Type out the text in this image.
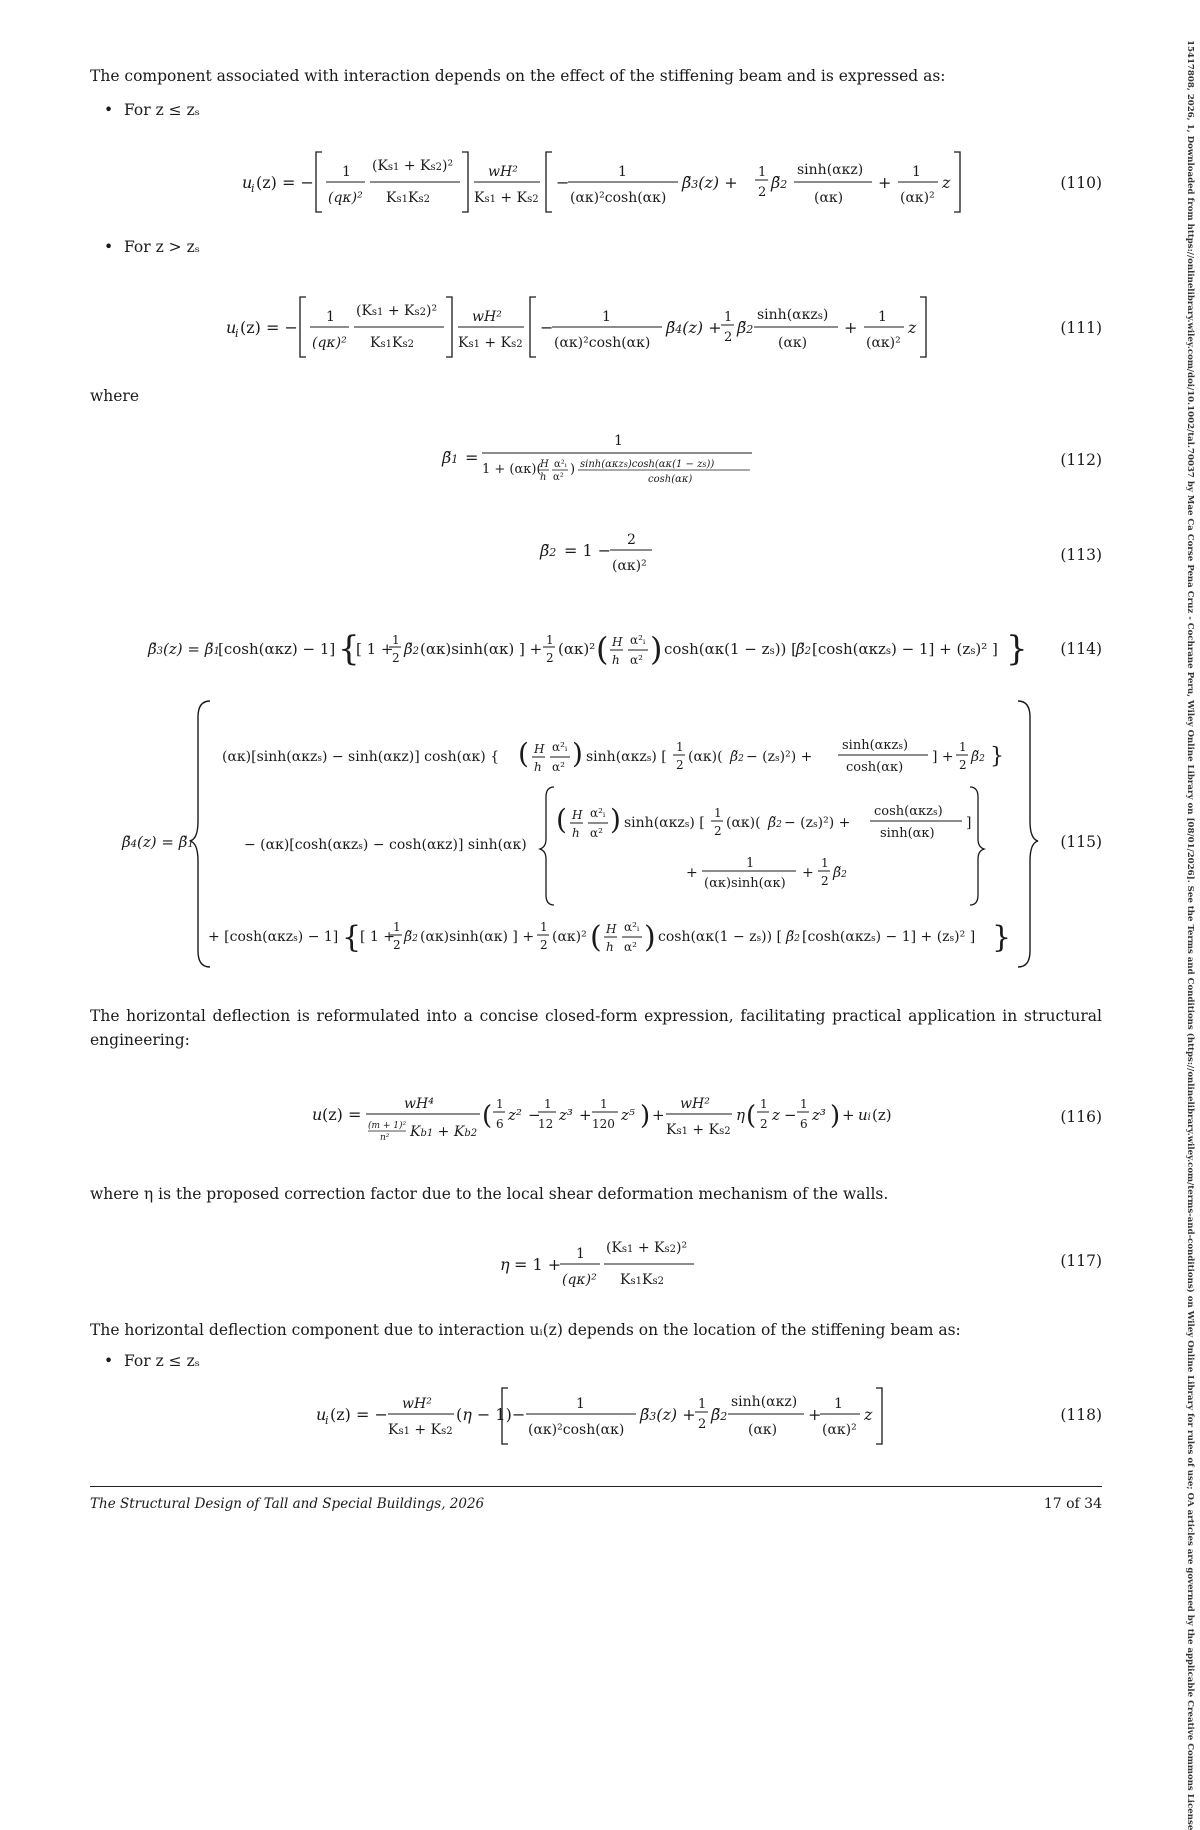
The component associated with interaction depends on the effect of the stiffening beam and is expressed as:
• For z ≤ zₛ
u
i (z) = −
1
(qκ)²
(Ks1 + Ks2)²
Ks1Ks2
wH²
Ks1 + Ks2
−
1
(ακ)²cosh(ακ)
β̃3(z) +
1
2
β̃2
sinh(ακz)
(ακ)
+
1
(ακ)²
z	(110)
• For z > zₛ
u
i (z) = −
1
(qκ)²
(Ks1 + Ks2)²
Ks1Ks2
wH²
Ks1 + Ks2
−
1
(ακ)²cosh(ακ)
β̃4(z) +
1
2
β̃2
sinh(ακzs)
(ακ)
+
1
(ακ)²
z	(111)
where
β̃1 =
1
1 + (ακ)(
H
h
α²ᵢ
α²
) sinh(ακzs)cosh(ακ(1 − zs))
cosh(ακ)
(112)
β̃2 = 1 −
2
(ακ)²
(113)
β̃3(z) = β̃1
[cosh(ακz) − 1] {
[ 1 +
1
2 β̃2 (ακ)sinh(ακ) ] + 1
2 (ακ)² ( H
h
α²ᵢ
α² ) cosh(ακ(1 − zs)) [
β̃2 [cosh(ακzs) − 1] + (zs)² ] } (114)
β̃4(z) = β̃1
(ακ)[sinh(ακzs) − sinh(ακz)] cosh(ακ) { ( H
h
α²ᵢ
α² ) sinh(ακzs) [
1
2 (ακ)( β̃2 − (zs)²) +
sinh(ακzs)
cosh(ακ)
] +
1
2 β̃2 }
− (ακ)[cosh(ακzs) − cosh(ακz)] sinh(ακ)
( H
h
α²ᵢ
α² ) sinh(ακzs) [
1
2 (ακ)( β̃2 − (zs)²) +
cosh(ακzs)
sinh(ακ)
]
+
1
(ακ)sinh(ακ)
+
1
2 β̃2
+ [cosh(ακzs) − 1] {
[ 1 +
1
2 β̃2 (ακ)sinh(ακ) ] +
1
2 (ακ)² ( H
h
α²ᵢ
α² ) cosh(ακ(1 − zs)) [ β̃2 [cosh(ακzs) − 1] + (zs)² ] }
(115)
The horizontal deflection is reformulated into a concise closed-form expression, facilitating practical application in structural engineering:
u (z) =
wH⁴
(m + 1)²
n² Kb1 + Kb2
( 1
6 z² −
1
12 z³ +
1
120 z⁵ ) +
wH²
Ks1 + Ks2
η ( 1
2 z −
1
6 z³ ) + ui (z)	(116)
where η is the proposed correction factor due to the local shear deformation mechanism of the walls.
η = 1 +
1
(qκ)²
(Ks1 + Ks2)²
Ks1Ks2
(117)
The horizontal deflection component due to interaction uᵢ(z) depends on the location of the stiffening beam as:
• For z ≤ zₛ
u
i (z) = −
wH²
Ks1 + Ks2
(η − 1) −
1
(ακ)²cosh(ακ)
β̃3(z) +
1
2
β̃2
sinh(ακz)
(ακ)
+
1
(ακ)²
z	(118)
The Structural Design of Tall and Special Buildings, 2026	17 of 34	15417808, 2026, 1, Downloaded from https://onlinelibrary.wiley.com/doi/10.1002/tal.70037 by Mae Ca Corse Pena Cruz - Cochrane Peru, Wiley Online Library on [08/01/2026]. See the Terms and Conditions (https://onlinelibrary.wiley.com/terms-and-conditions) on Wiley Online Library for rules of use; OA articles are governed by the applicable Creative Commons License
